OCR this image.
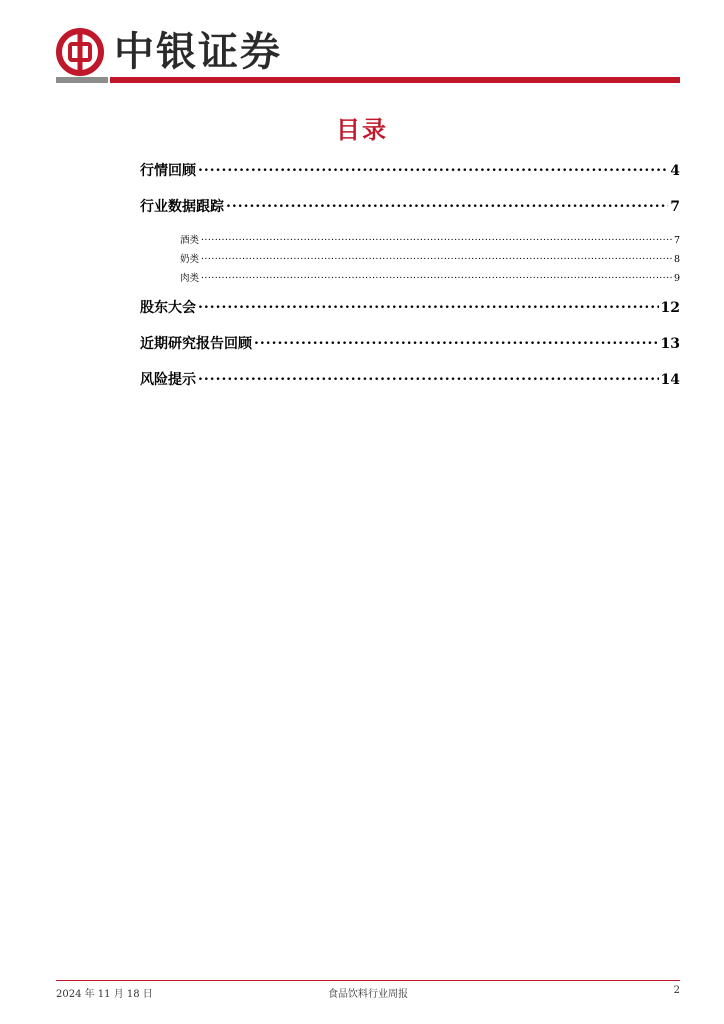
中银证券
目录
行情回顾 .....	4
行业数据跟踪 .....	7
酒类 .....	7
奶类 .....	8
肉类 .....	9
股东大会 .....	12
近期研究报告回顾 .....	13
风险提示 .....	14
2024 年 11 月 18 日	食品饮料行业周报	2
